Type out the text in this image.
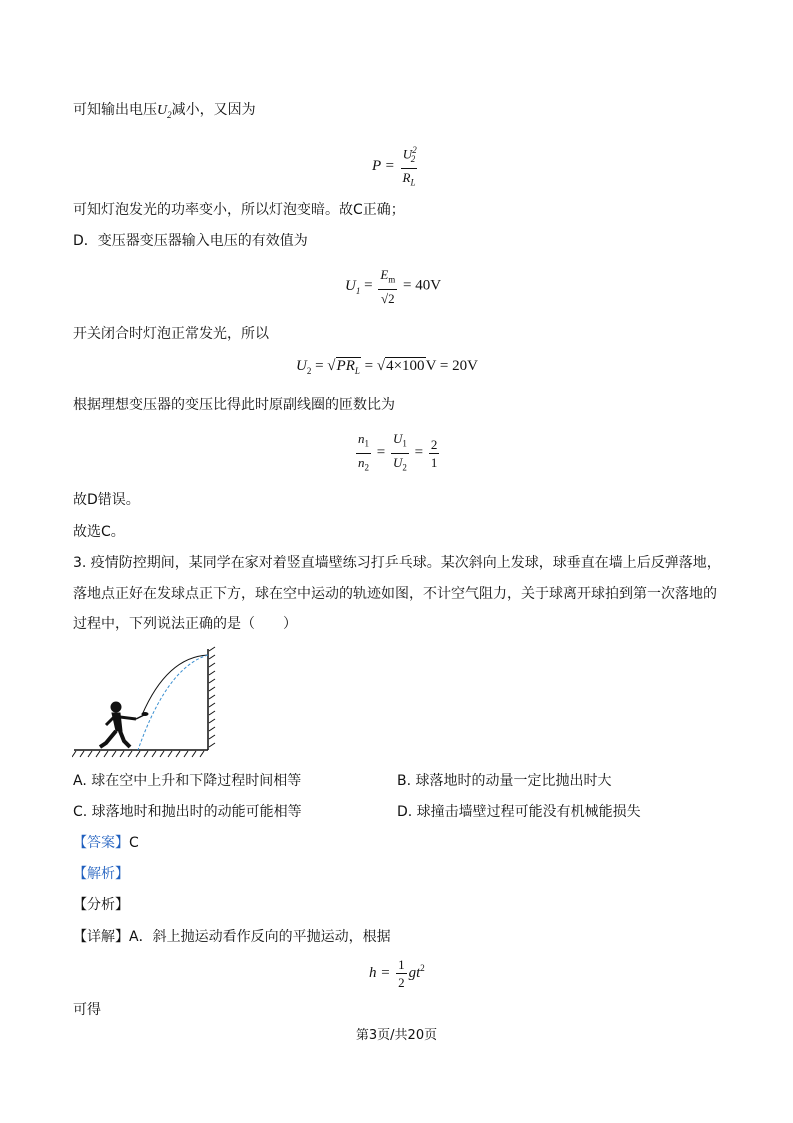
可知输出电压$U_2$减小，又因为
$P = \frac{U^2_2}{R_L}$
可知灯泡发光的功率变小，所以灯泡变暗。故C正确；
D．变压器变压器输入电压的有效值为
$U_1 = \frac{E_m}{√2} = 40V$
开关闭合时灯泡正常发光，所以
$U_2 = √PR_L = √4\times 100V = 20V$
根据理想变压器的变压比得此时原副线圈的匝数比为
$\frac{n_1}{n_2} = \frac{U_1}{U_2} = \frac{2}{1}$
故D错误。
故选C。
3. 疫情防控期间，某同学在家对着竖直墙壁练习打乒乓球。某次斜向上发球，球垂直在墙上后反弹落地，
落地点正好在发球点正下方，球在空中运动的轨迹如图，不计空气阻力，关于球离开球拍到第一次落地的
过程中，下列说法正确的是（　　）
A. 球在空中上升和下降过程时间相等	B. 球落地时的动量一定比抛出时大
C. 球落地时和抛出时的动能可能相等	D. 球撞击墙壁过程可能没有机械能损失
【答案】C
【解析】
【分析】
【详解】A．斜上抛运动看作反向的平抛运动，根据
$h = \frac{1}{2} gt^2$
可得
第3页/共20页
